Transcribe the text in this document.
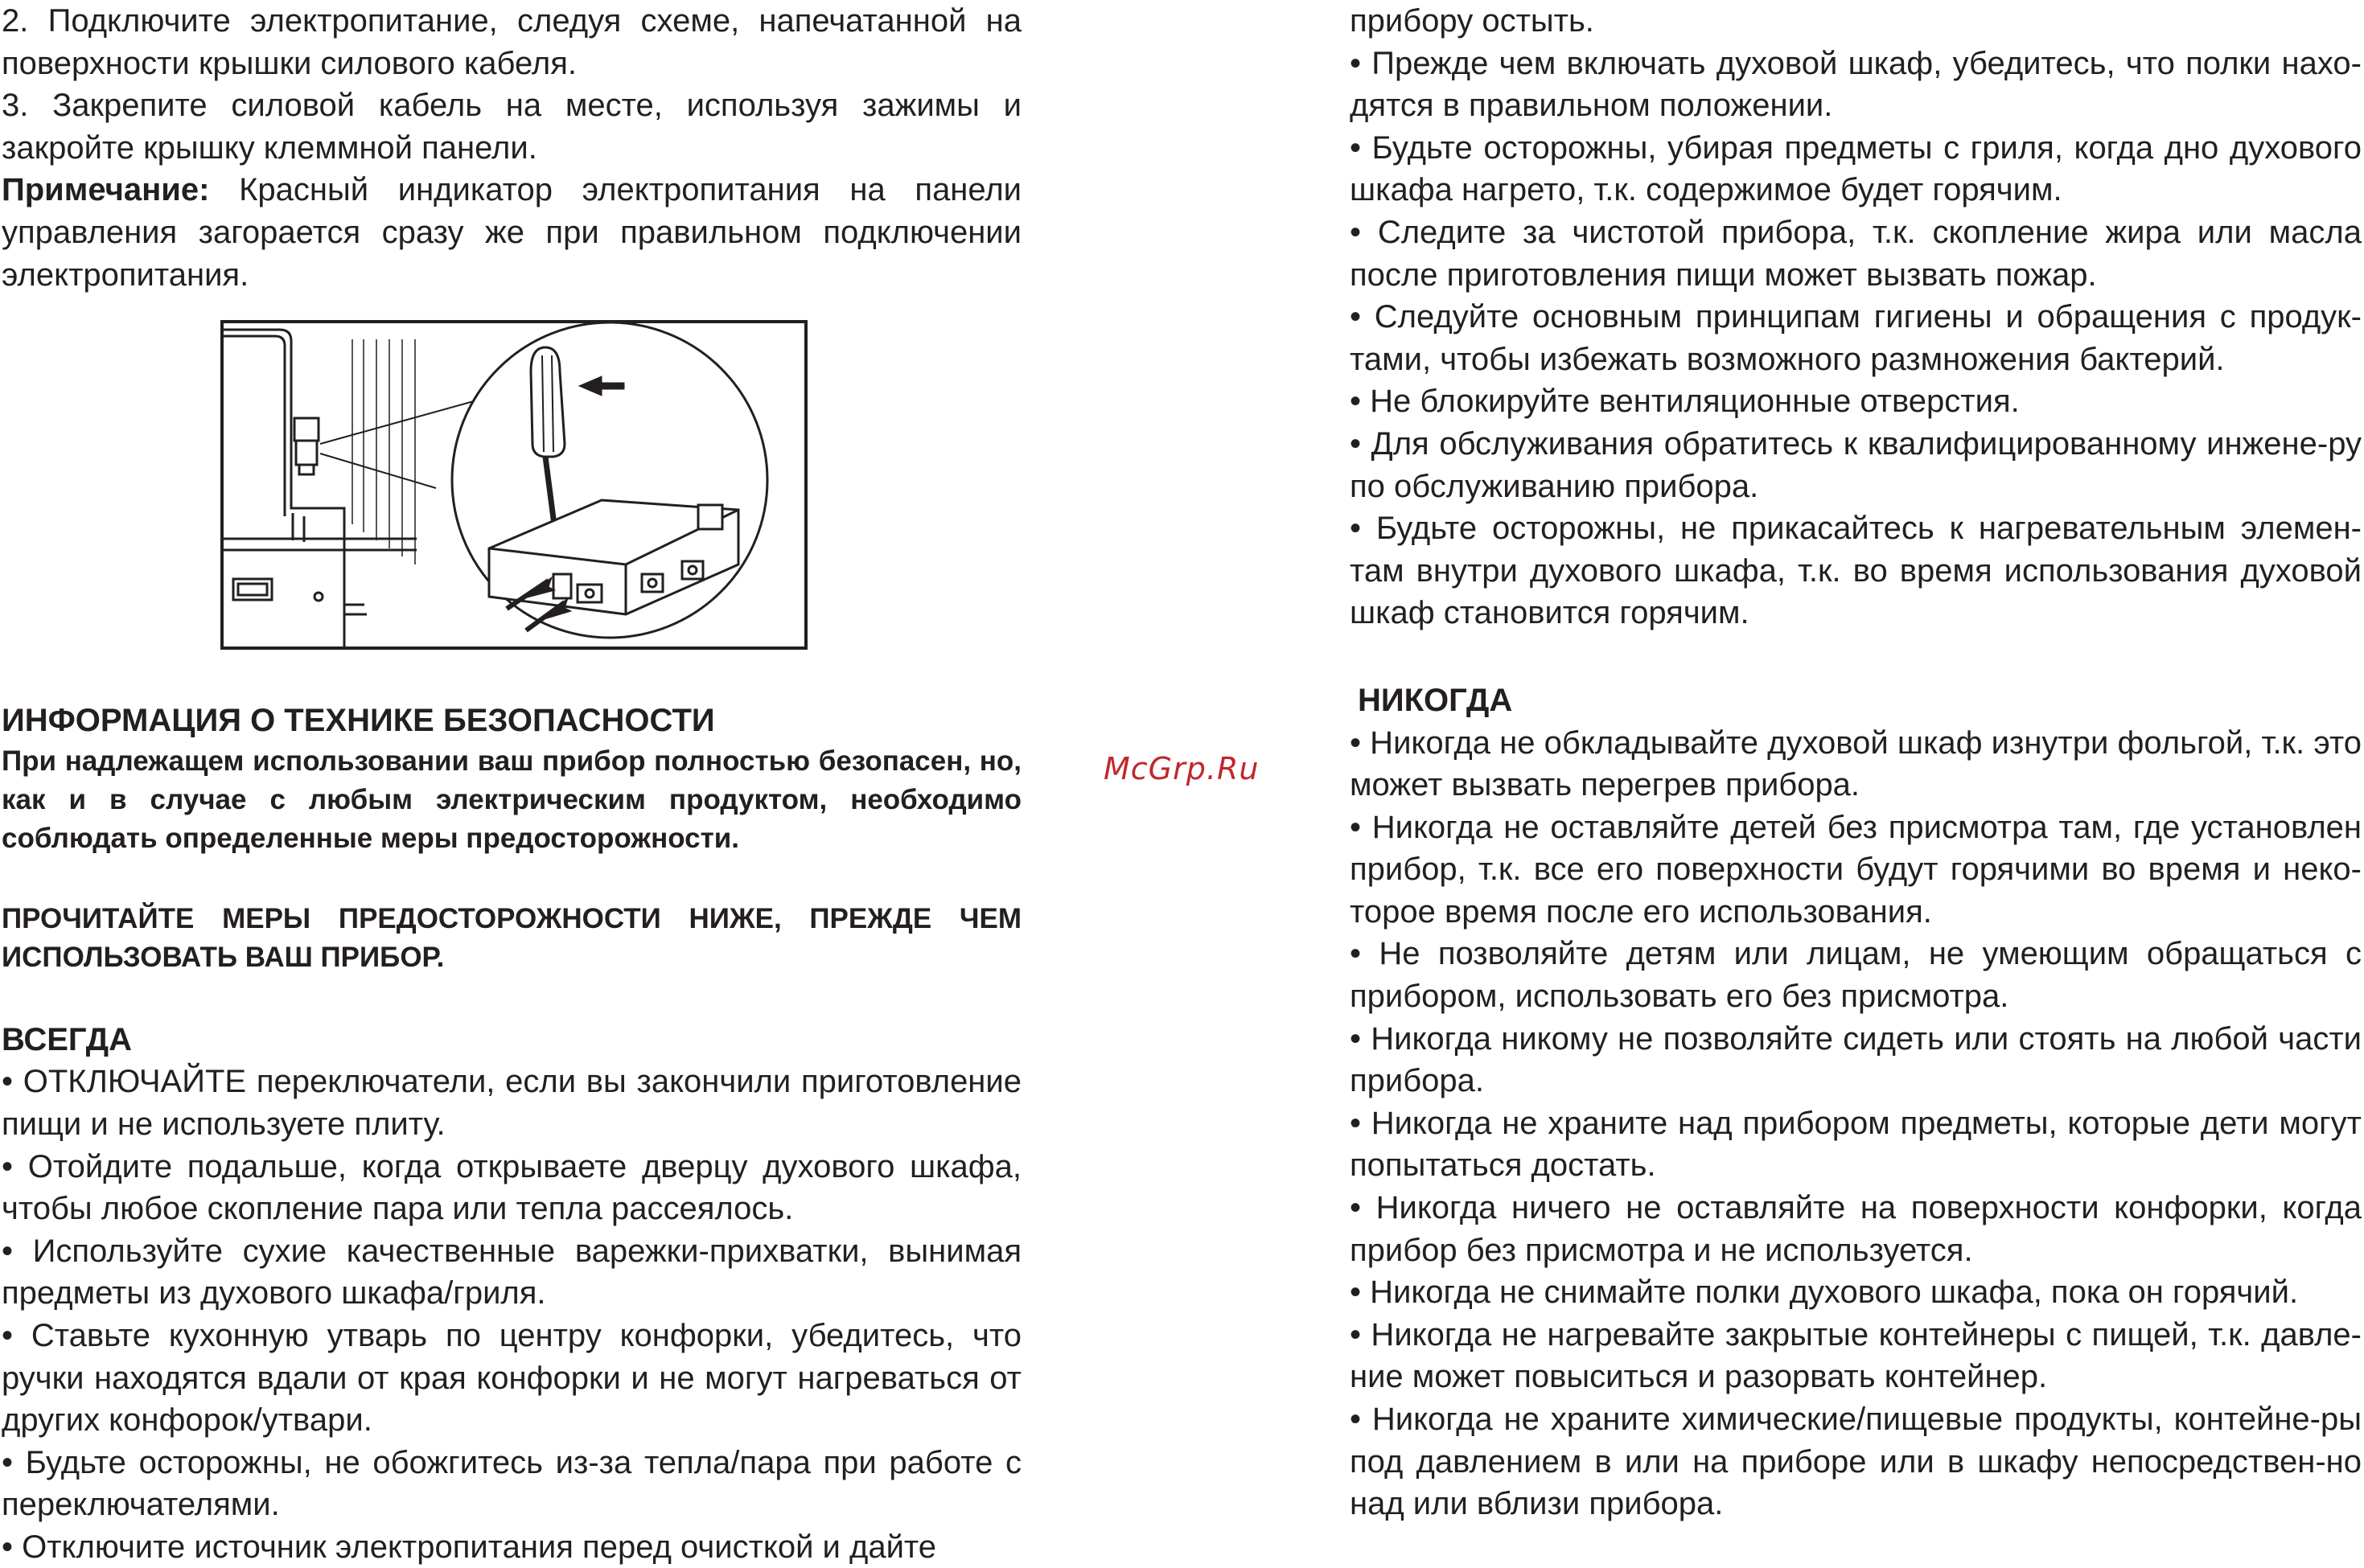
2. Подключите электропитание, следуя схеме, напечатанной на поверхности крышки силового кабеля.

3. Закрепите силовой кабель на месте, используя зажимы и закройте крышку клеммной панели.

Примечание: Красный индикатор электропитания на панели управления загорается сразу же при правильном подключении электропитания.

ИНФОРМАЦИЯ О ТЕХНИКЕ БЕЗОПАСНОСТИ

При надлежащем использовании ваш прибор полностью безопасен, но, как и в случае с любым электрическим продуктом, необходимо соблюдать определенные меры предосторожности.

ПРОЧИТАЙТЕ МЕРЫ ПРЕДОСТОРОЖНОСТИ НИЖЕ, ПРЕЖДЕ ЧЕМ ИСПОЛЬЗОВАТЬ ВАШ ПРИБОР.

ВСЕГДА

• ОТКЛЮЧАЙТЕ переключатели, если вы закончили приготовление пищи и не используете плиту.

• Отойдите подальше, когда открываете дверцу духового шкафа, чтобы любое скопление пара или тепла рассеялось.

• Используйте сухие качественные варежки-прихватки, вынимая предметы из духового шкафа/гриля.

• Ставьте кухонную утварь по центру конфорки, убедитесь, что ручки находятся вдали от края конфорки и не могут нагреваться от других конфорок/утвари.

• Будьте осторожны, не обожгитесь из-за тепла/пара при работе с переключателями.

• Отключите источник электропитания перед очисткой и дайте

McGrp.Ru

прибору остыть.

• Прежде чем включать духовой шкаф, убедитесь, что полки нахо-дятся в правильном положении.

• Будьте осторожны, убирая предметы с гриля, когда дно духового шкафа нагрето, т.к. содержимое будет горячим.

• Следите за чистотой прибора, т.к. скопление жира или масла после приготовления пищи может вызвать пожар.

• Следуйте основным принципам гигиены и обращения с продук-тами, чтобы избежать возможного размножения бактерий.

• Не блокируйте вентиляционные отверстия.

• Для обслуживания обратитесь к квалифицированному инжене-ру по обслуживанию прибора.

• Будьте осторожны, не прикасайтесь к нагревательным элемен-там внутри духового шкафа, т.к. во время использования духовой шкаф становится горячим.

НИКОГДА

• Никогда не обкладывайте духовой шкаф изнутри фольгой, т.к. это может вызвать перегрев прибора.

• Никогда не оставляйте детей без присмотра там, где установлен прибор, т.к. все его поверхности будут горячими во время и неко-торое время после его использования.

• Не позволяйте детям или лицам, не умеющим обращаться с прибором, использовать его без присмотра.

• Никогда никому не позволяйте сидеть или стоять на любой части прибора.

• Никогда не храните над прибором предметы, которые дети могут попытаться достать.

• Никогда ничего не оставляйте на поверхности конфорки, когда прибор без присмотра и не используется.

• Никогда не снимайте полки духового шкафа, пока он горячий.

• Никогда не нагревайте закрытые контейнеры с пищей, т.к. давле-ние может повыситься и разорвать контейнер.

• Никогда не храните химические/пищевые продукты, контейне-ры под давлением в или на приборе или в шкафу непосредствен-но над или вблизи прибора.
